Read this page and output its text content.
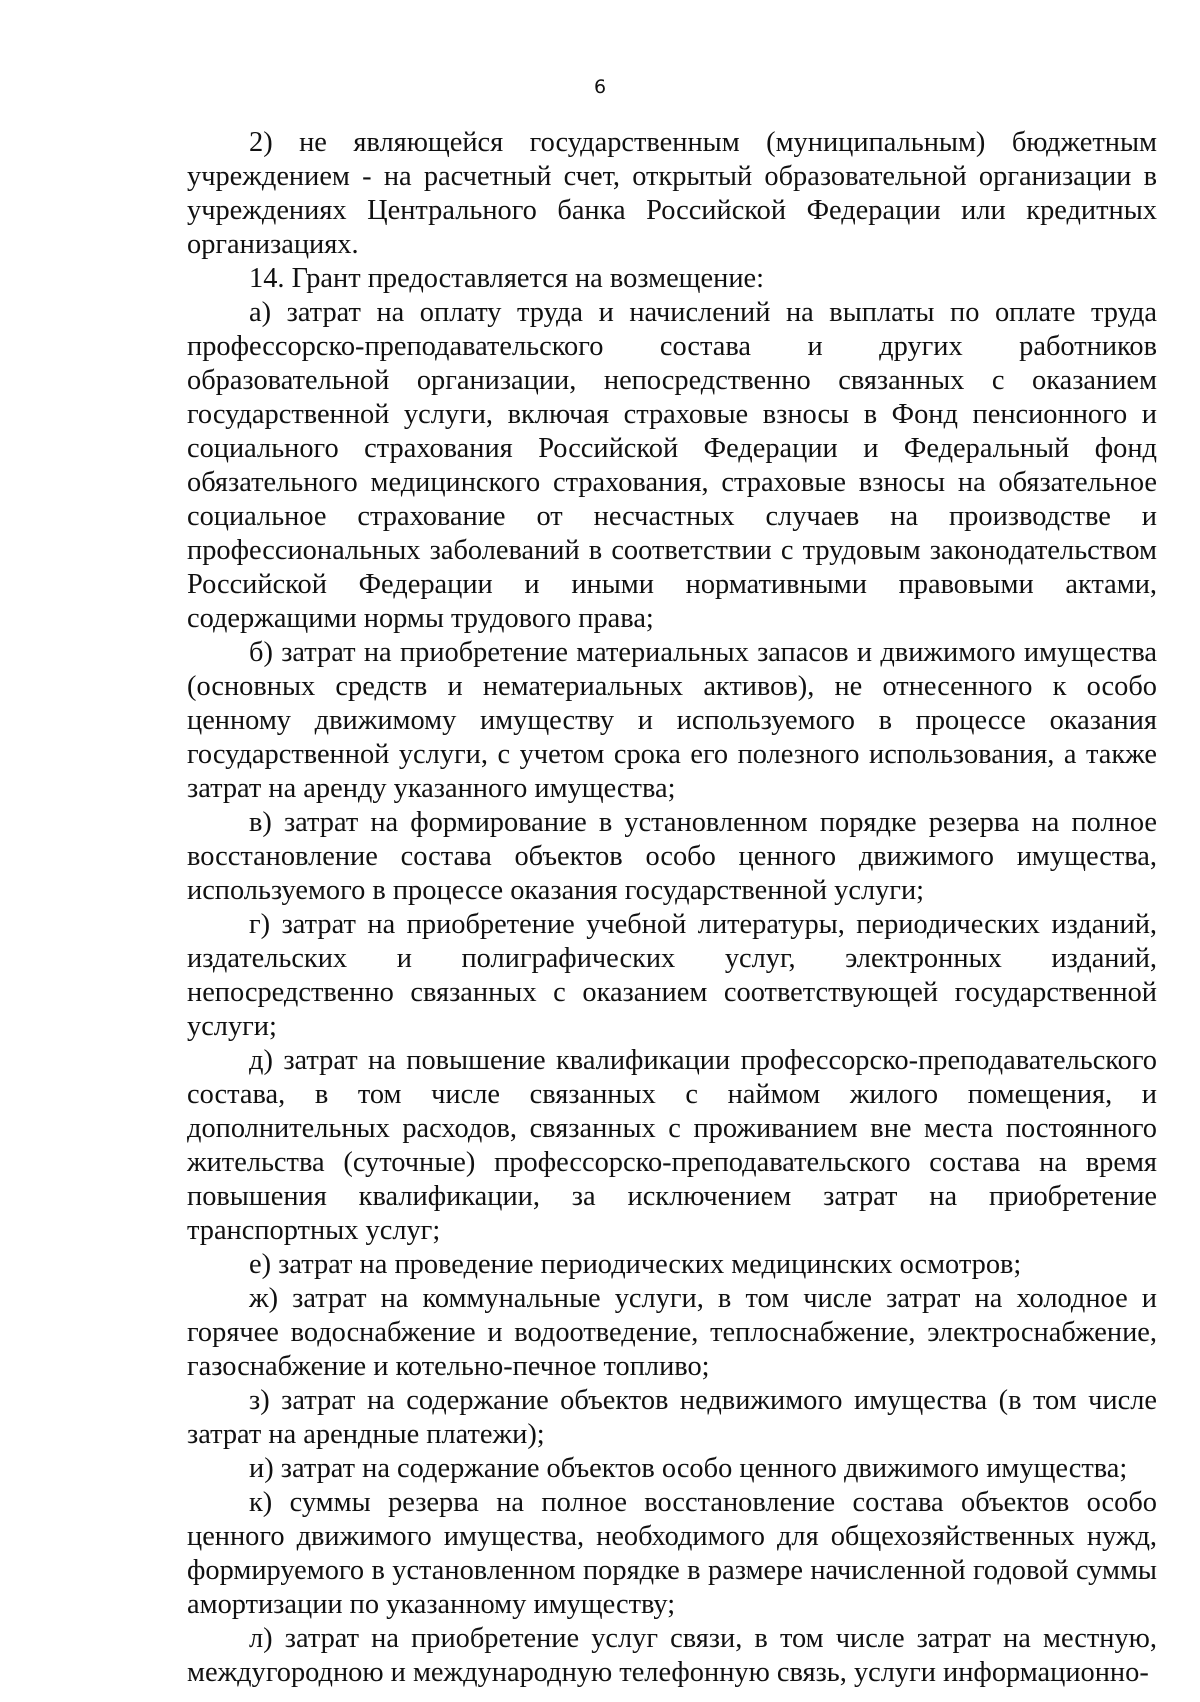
6

2) не являющейся государственным (муниципальным) бюджетным учреждением - на расчетный счет, открытый образовательной организации в учреждениях Центрального банка Российской Федерации или кредитных организациях.

14. Грант предоставляется на возмещение:

а) затрат на оплату труда и начислений на выплаты по оплате труда профессорско-преподавательского состава и других работников образовательной организации, непосредственно связанных с оказанием государственной услуги, включая страховые взносы в Фонд пенсионного и социального страхования Российской Федерации и Федеральный фонд обязательного медицинского страхования, страховые взносы на обязательное социальное страхование от несчастных случаев на производстве и профессиональных заболеваний в соответствии с трудовым законодательством Российской Федерации и иными нормативными правовыми актами, содержащими нормы трудового права;

б) затрат на приобретение материальных запасов и движимого имущества (основных средств и нематериальных активов), не отнесенного к особо ценному движимому имуществу и используемого в процессе оказания государственной услуги, с учетом срока его полезного использования, а также затрат на аренду указанного имущества;

в) затрат на формирование в установленном порядке резерва на полное восстановление состава объектов особо ценного движимого имущества, используемого в процессе оказания государственной услуги;

г) затрат на приобретение учебной литературы, периодических изданий, издательских и полиграфических услуг, электронных изданий, непосредственно связанных с оказанием соответствующей государственной услуги;

д) затрат на повышение квалификации профессорско-преподавательского состава, в том числе связанных с наймом жилого помещения, и дополнительных расходов, связанных с проживанием вне места постоянного жительства (суточные) профессорско-преподавательского состава на время повышения квалификации, за исключением затрат на приобретение транспортных услуг;

е) затрат на проведение периодических медицинских осмотров;

ж) затрат на коммунальные услуги, в том числе затрат на холодное и горячее водоснабжение и водоотведение, теплоснабжение, электроснабжение, газоснабжение и котельно-печное топливо;

з) затрат на содержание объектов недвижимого имущества (в том числе затрат на арендные платежи);

и) затрат на содержание объектов особо ценного движимого имущества;

к) суммы резерва на полное восстановление состава объектов особо ценного движимого имущества, необходимого для общехозяйственных нужд, формируемого в установленном порядке в размере начисленной годовой суммы амортизации по указанному имуществу;

л) затрат на приобретение услуг связи, в том числе затрат на местную, междугородною и международную телефонную связь, услуги информационно-
